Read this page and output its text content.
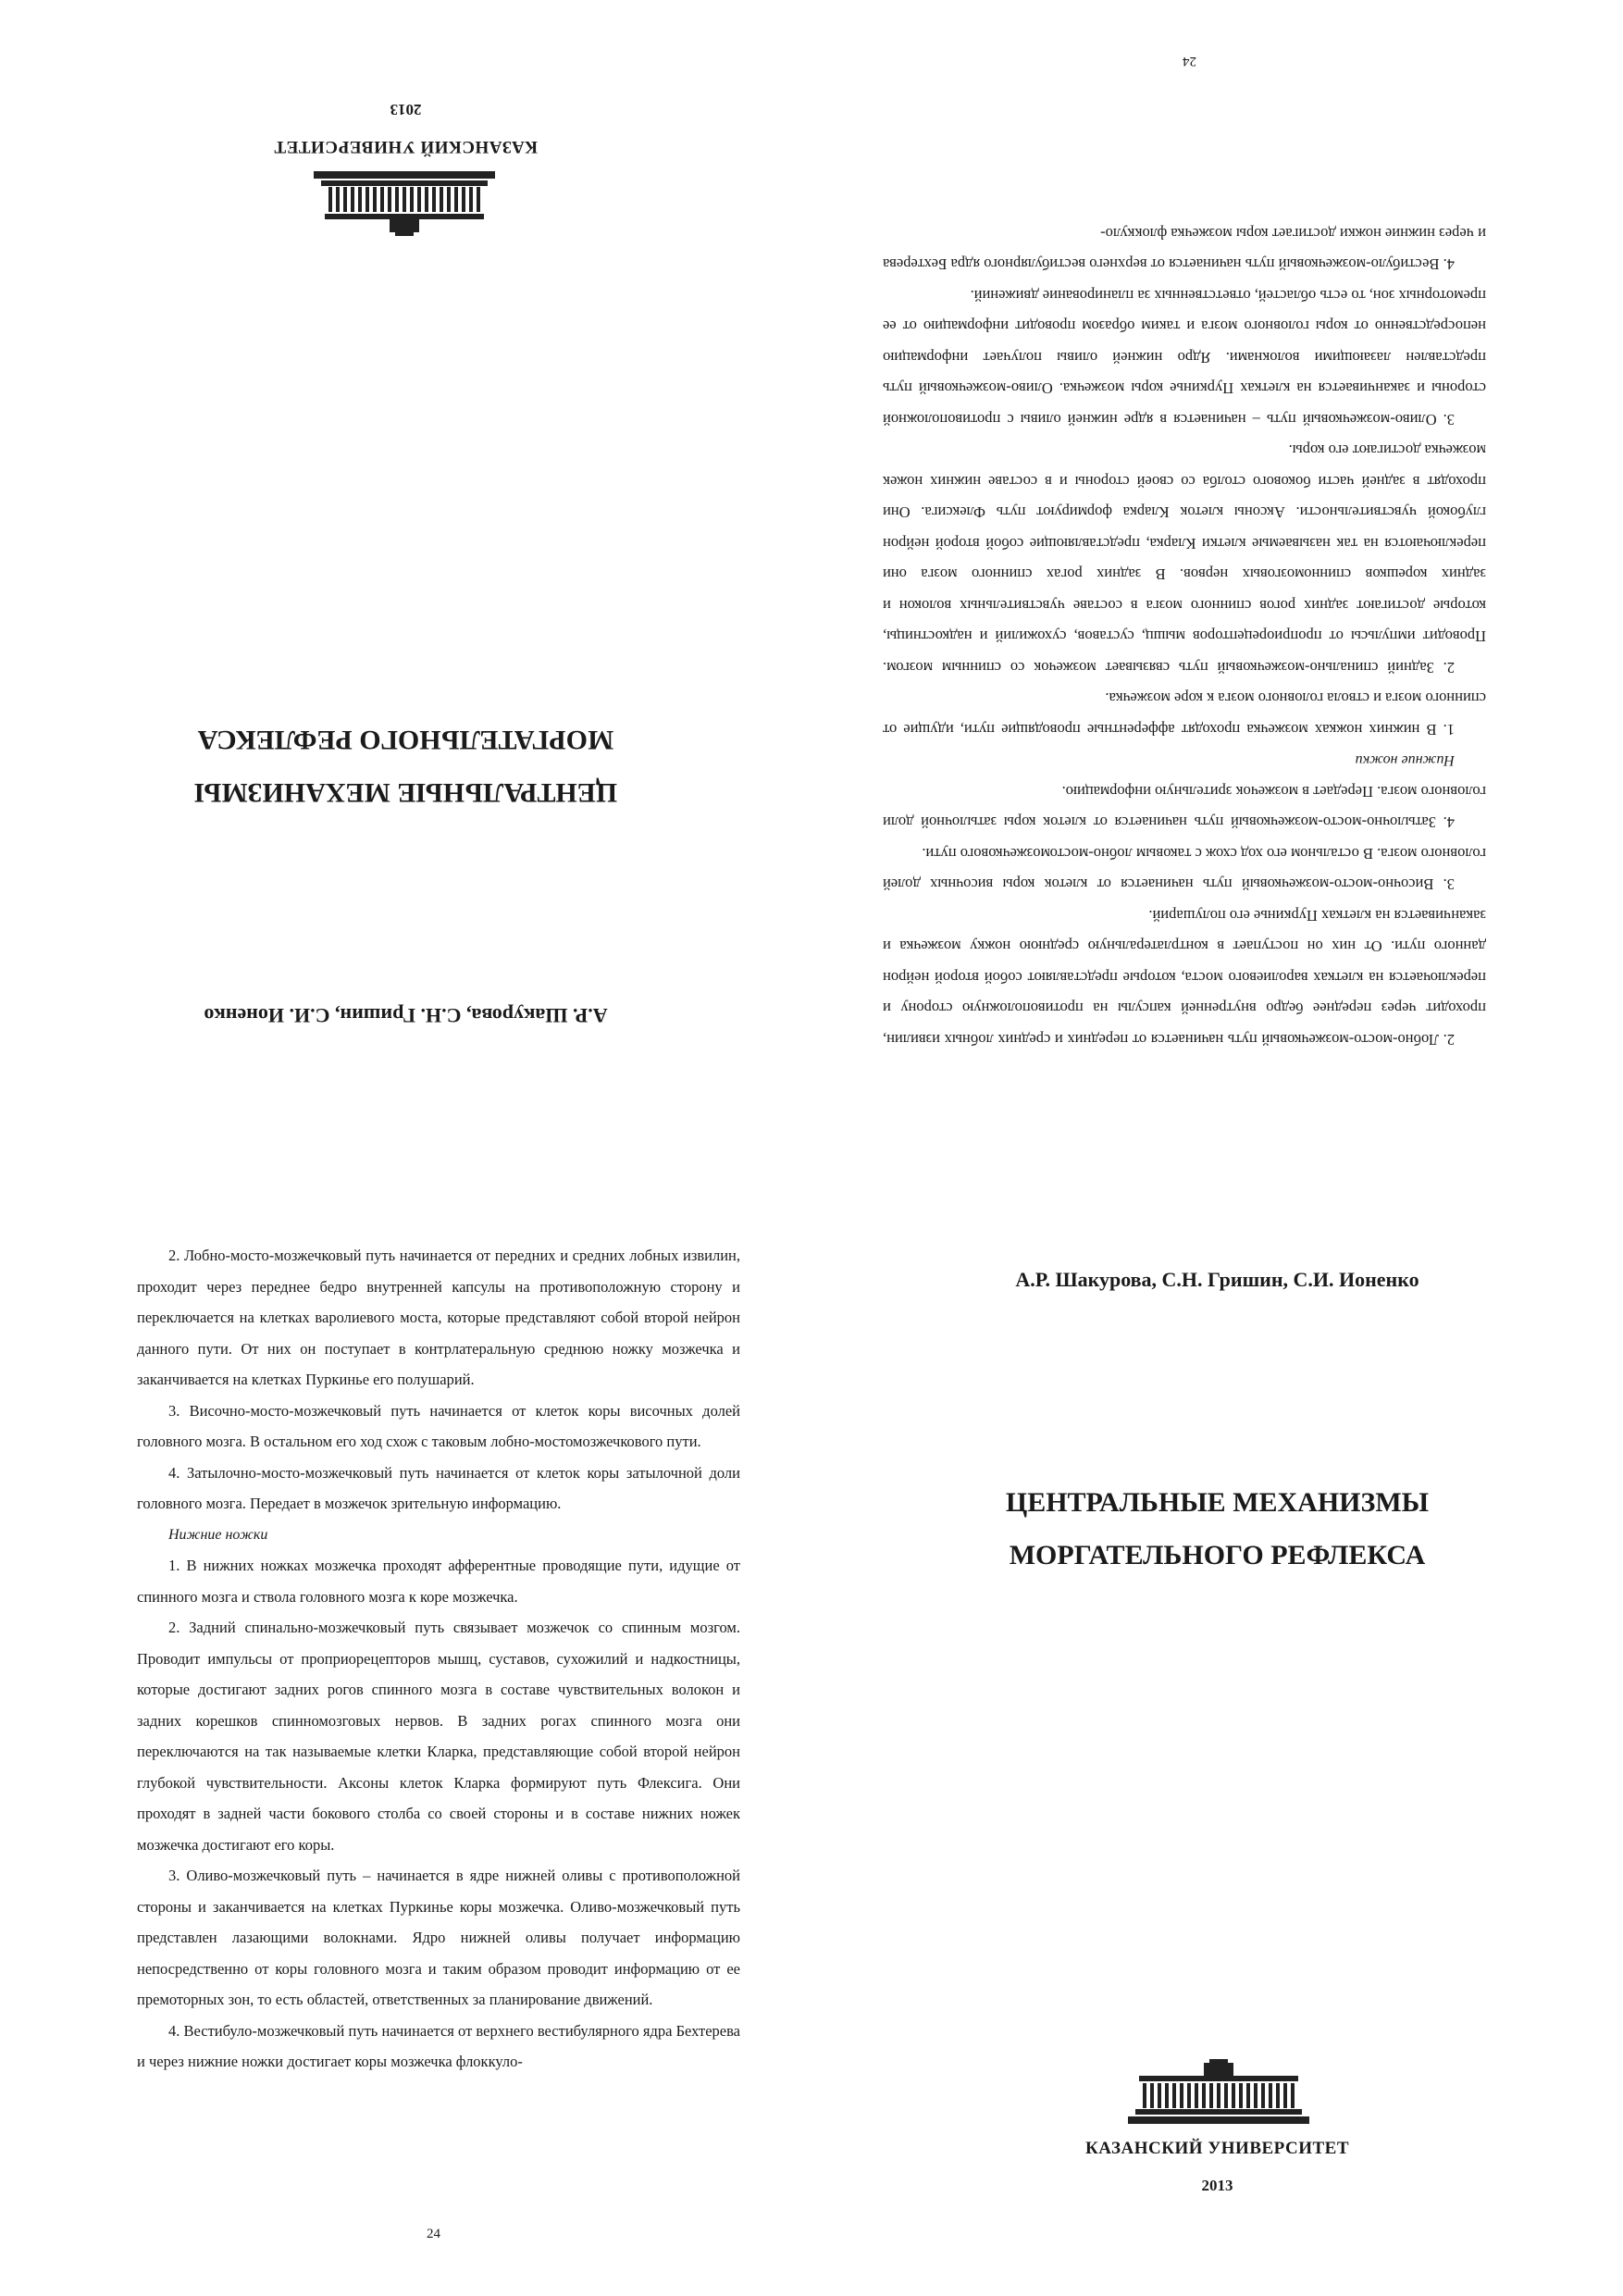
А.Р. Шакурова, С.Н. Гришин, С.И. Ионенко
ЦЕНТРАЛЬНЫЕ МЕХАНИЗМЫ
МОРГАТЕЛЬНОГО РЕФЛЕКСА
КАЗАНСКИЙ УНИВЕРСИТЕТ
2013

2. Лобно-мосто-мозжечковый путь начинается от передних и средних лобных извилин, проходит через переднее бедро внутренней капсулы на противоположную сторону и переключается на клетках варолиевого моста, которые представляют собой второй нейрон данного пути. От них он поступает в контрлатеральную среднюю ножку мозжечка и заканчивается на клетках Пуркинье его полушарий.

3. Височно-мосто-мозжечковый путь начинается от клеток коры височных долей головного мозга. В остальном его ход схож с таковым лобно-мостомозжечкового пути.

4. Затылочно-мосто-мозжечковый путь начинается от клеток коры затылочной доли головного мозга. Передает в мозжечок зрительную информацию.

Нижние ножки

1. В нижних ножках мозжечка проходят афферентные проводящие пути, идущие от спинного мозга и ствола головного мозга к коре мозжечка.

2. Задний спинально-мозжечковый путь связывает мозжечок со спинным мозгом. Проводит импульсы от проприорецепторов мышц, суставов, сухожилий и надкостницы, которые достигают задних рогов спинного мозга в составе чувствительных волокон и задних корешков спинномозговых нервов. В задних рогах спинного мозга они переключаются на так называемые клетки Кларка, представляющие собой второй нейрон глубокой чувствительности. Аксоны клеток Кларка формируют путь Флексига. Они проходят в задней части бокового столба со своей стороны и в составе нижних ножек мозжечка достигают его коры.

3. Оливо-мозжечковый путь – начинается в ядре нижней оливы с противоположной стороны и заканчивается на клетках Пуркинье коры мозжечка. Оливо-мозжечковый путь представлен лазающими волокнами. Ядро нижней оливы получает информацию непосредственно от коры головного мозга и таким образом проводит информацию от ее премоторных зон, то есть областей, ответственных за планирование движений.

4. Вестибуло-мозжечковый путь начинается от верхнего вестибулярного ядра Бехтерева и через нижние ножки достигает коры мозжечка флоккуло-

24

2. Лобно-мосто-мозжечковый путь начинается от передних и средних лобных извилин, проходит через переднее бедро внутренней капсулы на противоположную сторону и переключается на клетках варолиевого моста, которые представляют собой второй нейрон данного пути. От них он поступает в контрлатеральную среднюю ножку мозжечка и заканчивается на клетках Пуркинье его полушарий.

3. Височно-мосто-мозжечковый путь начинается от клеток коры височных долей головного мозга. В остальном его ход схож с таковым лобно-мостомозжечкового пути.

4. Затылочно-мосто-мозжечковый путь начинается от клеток коры затылочной доли головного мозга. Передает в мозжечок зрительную информацию.

Нижние ножки

1. В нижних ножках мозжечка проходят афферентные проводящие пути, идущие от спинного мозга и ствола головного мозга к коре мозжечка.

2. Задний спинально-мозжечковый путь связывает мозжечок со спинным мозгом. Проводит импульсы от проприорецепторов мышц, суставов, сухожилий и надкостницы, которые достигают задних рогов спинного мозга в составе чувствительных волокон и задних корешков спинномозговых нервов. В задних рогах спинного мозга они переключаются на так называемые клетки Кларка, представляющие собой второй нейрон глубокой чувствительности. Аксоны клеток Кларка формируют путь Флексига. Они проходят в задней части бокового столба со своей стороны и в составе нижних ножек мозжечка достигают его коры.

3. Оливо-мозжечковый путь – начинается в ядре нижней оливы с противоположной стороны и заканчивается на клетках Пуркинье коры мозжечка. Оливо-мозжечковый путь представлен лазающими волокнами. Ядро нижней оливы получает информацию непосредственно от коры головного мозга и таким образом проводит информацию от ее премоторных зон, то есть областей, ответственных за планирование движений.

4. Вестибуло-мозжечковый путь начинается от верхнего вестибулярного ядра Бехтерева и через нижние ножки достигает коры мозжечка флоккуло-

24
А.Р. Шакурова, С.Н. Гришин, С.И. Ионенко
ЦЕНТРАЛЬНЫЕ МЕХАНИЗМЫ
МОРГАТЕЛЬНОГО РЕФЛЕКСА
КАЗАНСКИЙ УНИВЕРСИТЕТ
2013
